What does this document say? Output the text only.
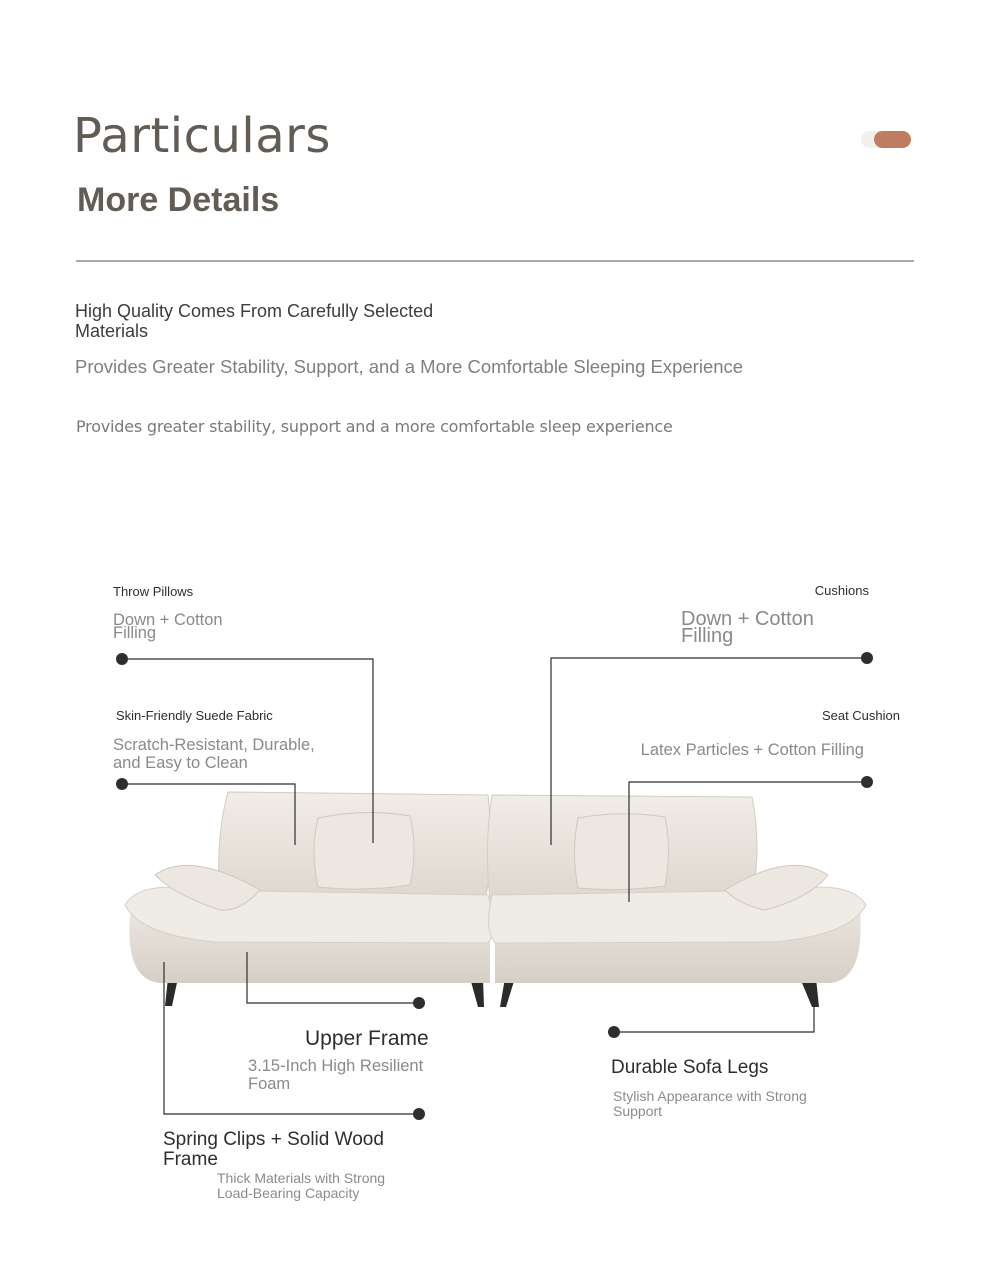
Particulars
More Details
High Quality Comes From Carefully Selected Materials
Provides Greater Stability, Support, and a More Comfortable Sleeping Experience
Provides greater stability, support and a more comfortable sleep experience
Throw Pillows
Down + Cotton Filling
Cushions
Down + Cotton Filling
Skin-Friendly Suede Fabric
Scratch-Resistant, Durable, and Easy to Clean
Seat Cushion
Latex Particles + Cotton Filling
Upper Frame
3.15-Inch High Resilient Foam
Durable Sofa Legs
Stylish Appearance with Strong Support
Spring Clips + Solid Wood Frame
Thick Materials with Strong Load-Bearing Capacity
